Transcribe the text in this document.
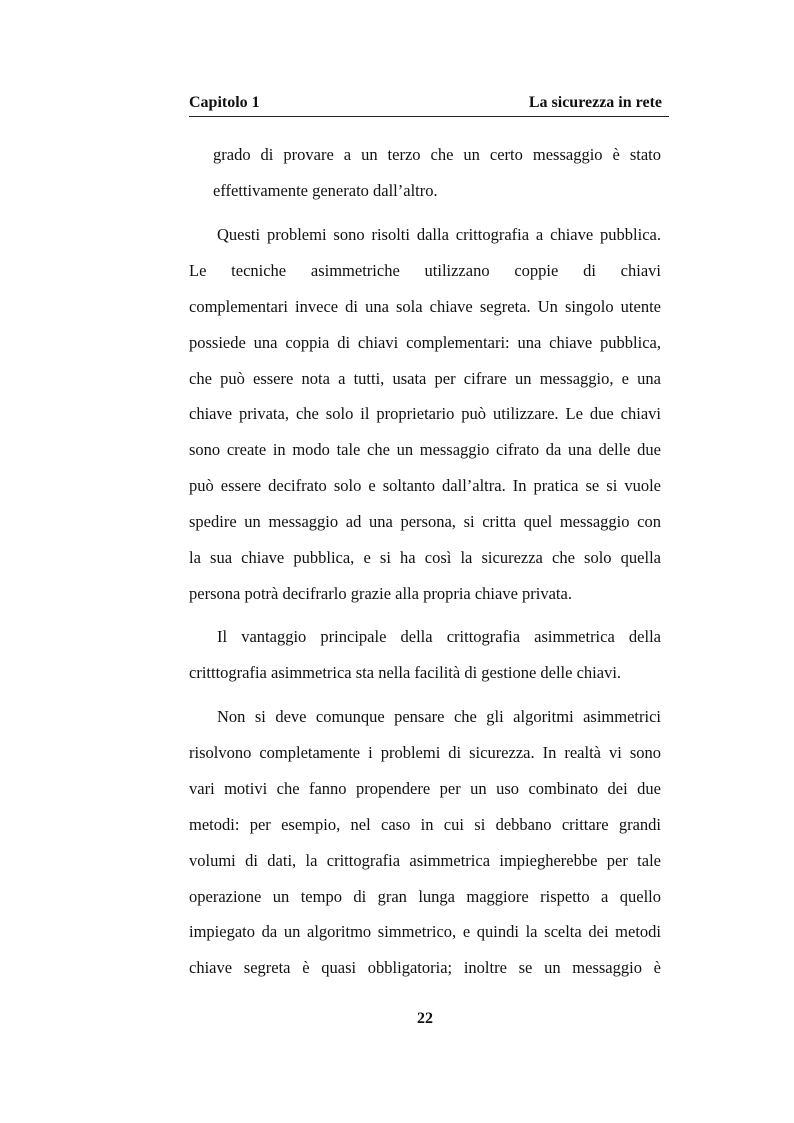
Capitolo 1	La sicurezza in rete
grado di provare a un terzo che un certo messaggio è stato
effettivamente generato dall’altro.
Questi problemi sono risolti dalla crittografia a chiave pubblica.
Le tecniche asimmetriche utilizzano coppie di chiavi
complementari invece di una sola chiave segreta. Un singolo utente
possiede una coppia di chiavi complementari: una chiave pubblica,
che può essere nota a tutti, usata per cifrare un messaggio, e una
chiave privata, che solo il proprietario può utilizzare. Le due chiavi
sono create in modo tale che un messaggio cifrato da una delle due
può essere decifrato solo e soltanto dall’altra. In pratica se si vuole
spedire un messaggio ad una persona, si critta quel messaggio con
la sua chiave pubblica, e si ha così la sicurezza che solo quella
persona potrà decifrarlo grazie alla propria chiave privata.
Il vantaggio principale della crittografia asimmetrica della
critttografia asimmetrica sta nella facilità di gestione delle chiavi.
Non si deve comunque pensare che gli algoritmi asimmetrici
risolvono completamente i problemi di sicurezza. In realtà vi sono
vari motivi che fanno propendere per un uso combinato dei due
metodi: per esempio, nel caso in cui si debbano crittare grandi
volumi di dati, la crittografia asimmetrica impiegherebbe per tale
operazione un tempo di gran lunga maggiore rispetto a quello
impiegato da un algoritmo simmetrico, e quindi la scelta dei metodi
chiave segreta è quasi obbligatoria; inoltre se un messaggio è
22
